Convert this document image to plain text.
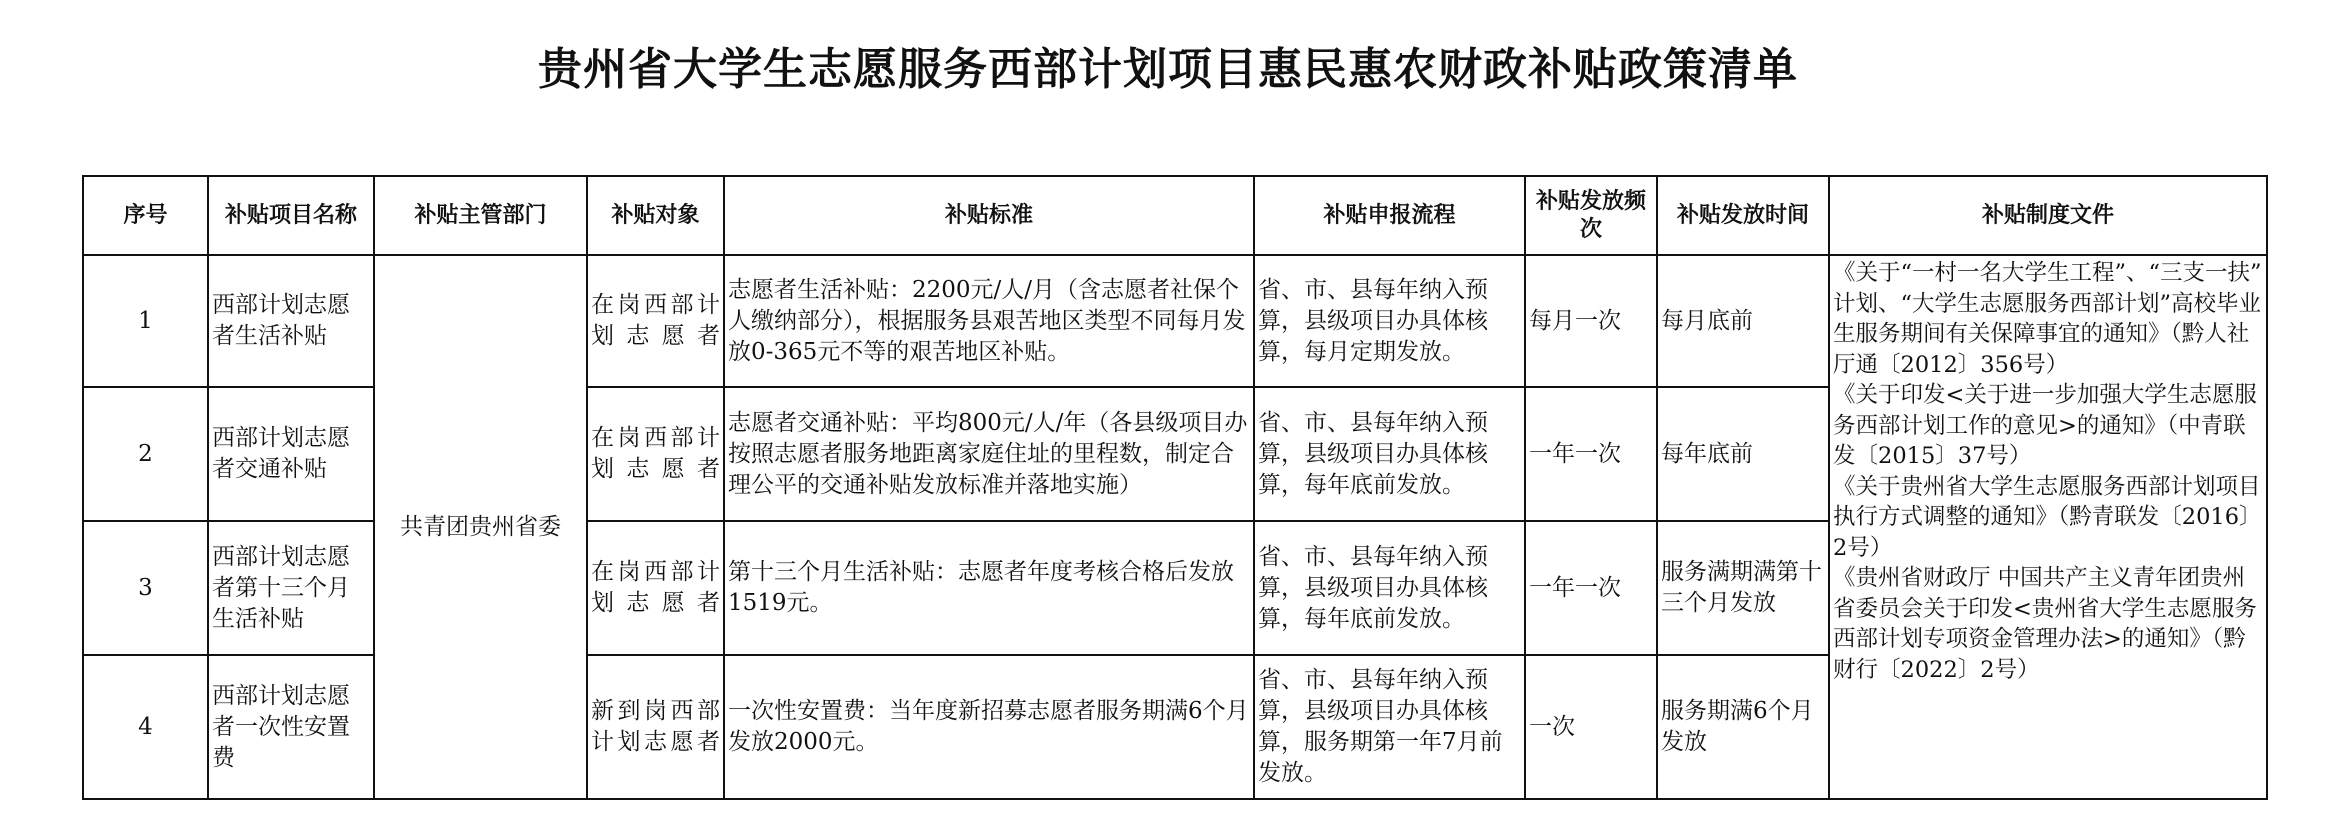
贵州省大学生志愿服务西部计划项目惠民惠农财政补贴政策清单
序号	补贴项目名称	补贴主管部门	补贴对象	补贴标准	补贴申报流程	补贴发放频次	补贴发放时间	补贴制度文件
1	西部计划志愿者生活补贴	共青团贵州省委	在岗西部计划志愿者	志愿者生活补贴：2200元/人/月（含志愿者社保个人缴纳部分），根据服务县艰苦地区类型不同每月发放0-365元不等的艰苦地区补贴。	省、市、县每年纳入预算，县级项目办具体核算，每月定期发放。	每月一次	每月底前	《关于“一村一名大学生工程”、“三支一扶” 计划、“大学生志愿服务西部计划”高校毕业生服务期间有关保障事宜的通知》（黔人社厅通〔2012〕356号）
《关于印发<关于进一步加强大学生志愿服务西部计划工作的意见>的通知》（中青联发〔2015〕37号）
《关于贵州省大学生志愿服务西部计划项目执行方式调整的通知》（黔青联发〔2016〕2号）
《贵州省财政厅 中国共产主义青年团贵州省委员会关于印发<贵州省大学生志愿服务西部计划专项资金管理办法>的通知》（黔财行〔2022〕2号）

2	西部计划志愿者交通补贴		在岗西部计划志愿者	志愿者交通补贴：平均800元/人/年（各县级项目办按照志愿者服务地距离家庭住址的里程数，制定合理公平的交通补贴发放标准并落地实施）	省、市、县每年纳入预算，县级项目办具体核算，每年底前发放。	一年一次	每年底前	
3	西部计划志愿者第十三个月生活补贴		在岗西部计划志愿者	第十三个月生活补贴：志愿者年度考核合格后发放1519元。	省、市、县每年纳入预算，县级项目办具体核算，每年底前发放。	一年一次	服务满期满第十三个月发放	
4	西部计划志愿者一次性安置费		新到岗西部计划志愿者	一次性安置费：当年度新招募志愿者服务期满6个月发放2000元。	省、市、县每年纳入预算，县级项目办具体核算，服务期第一年7月前发放。	一次	服务期满6个月发放	
